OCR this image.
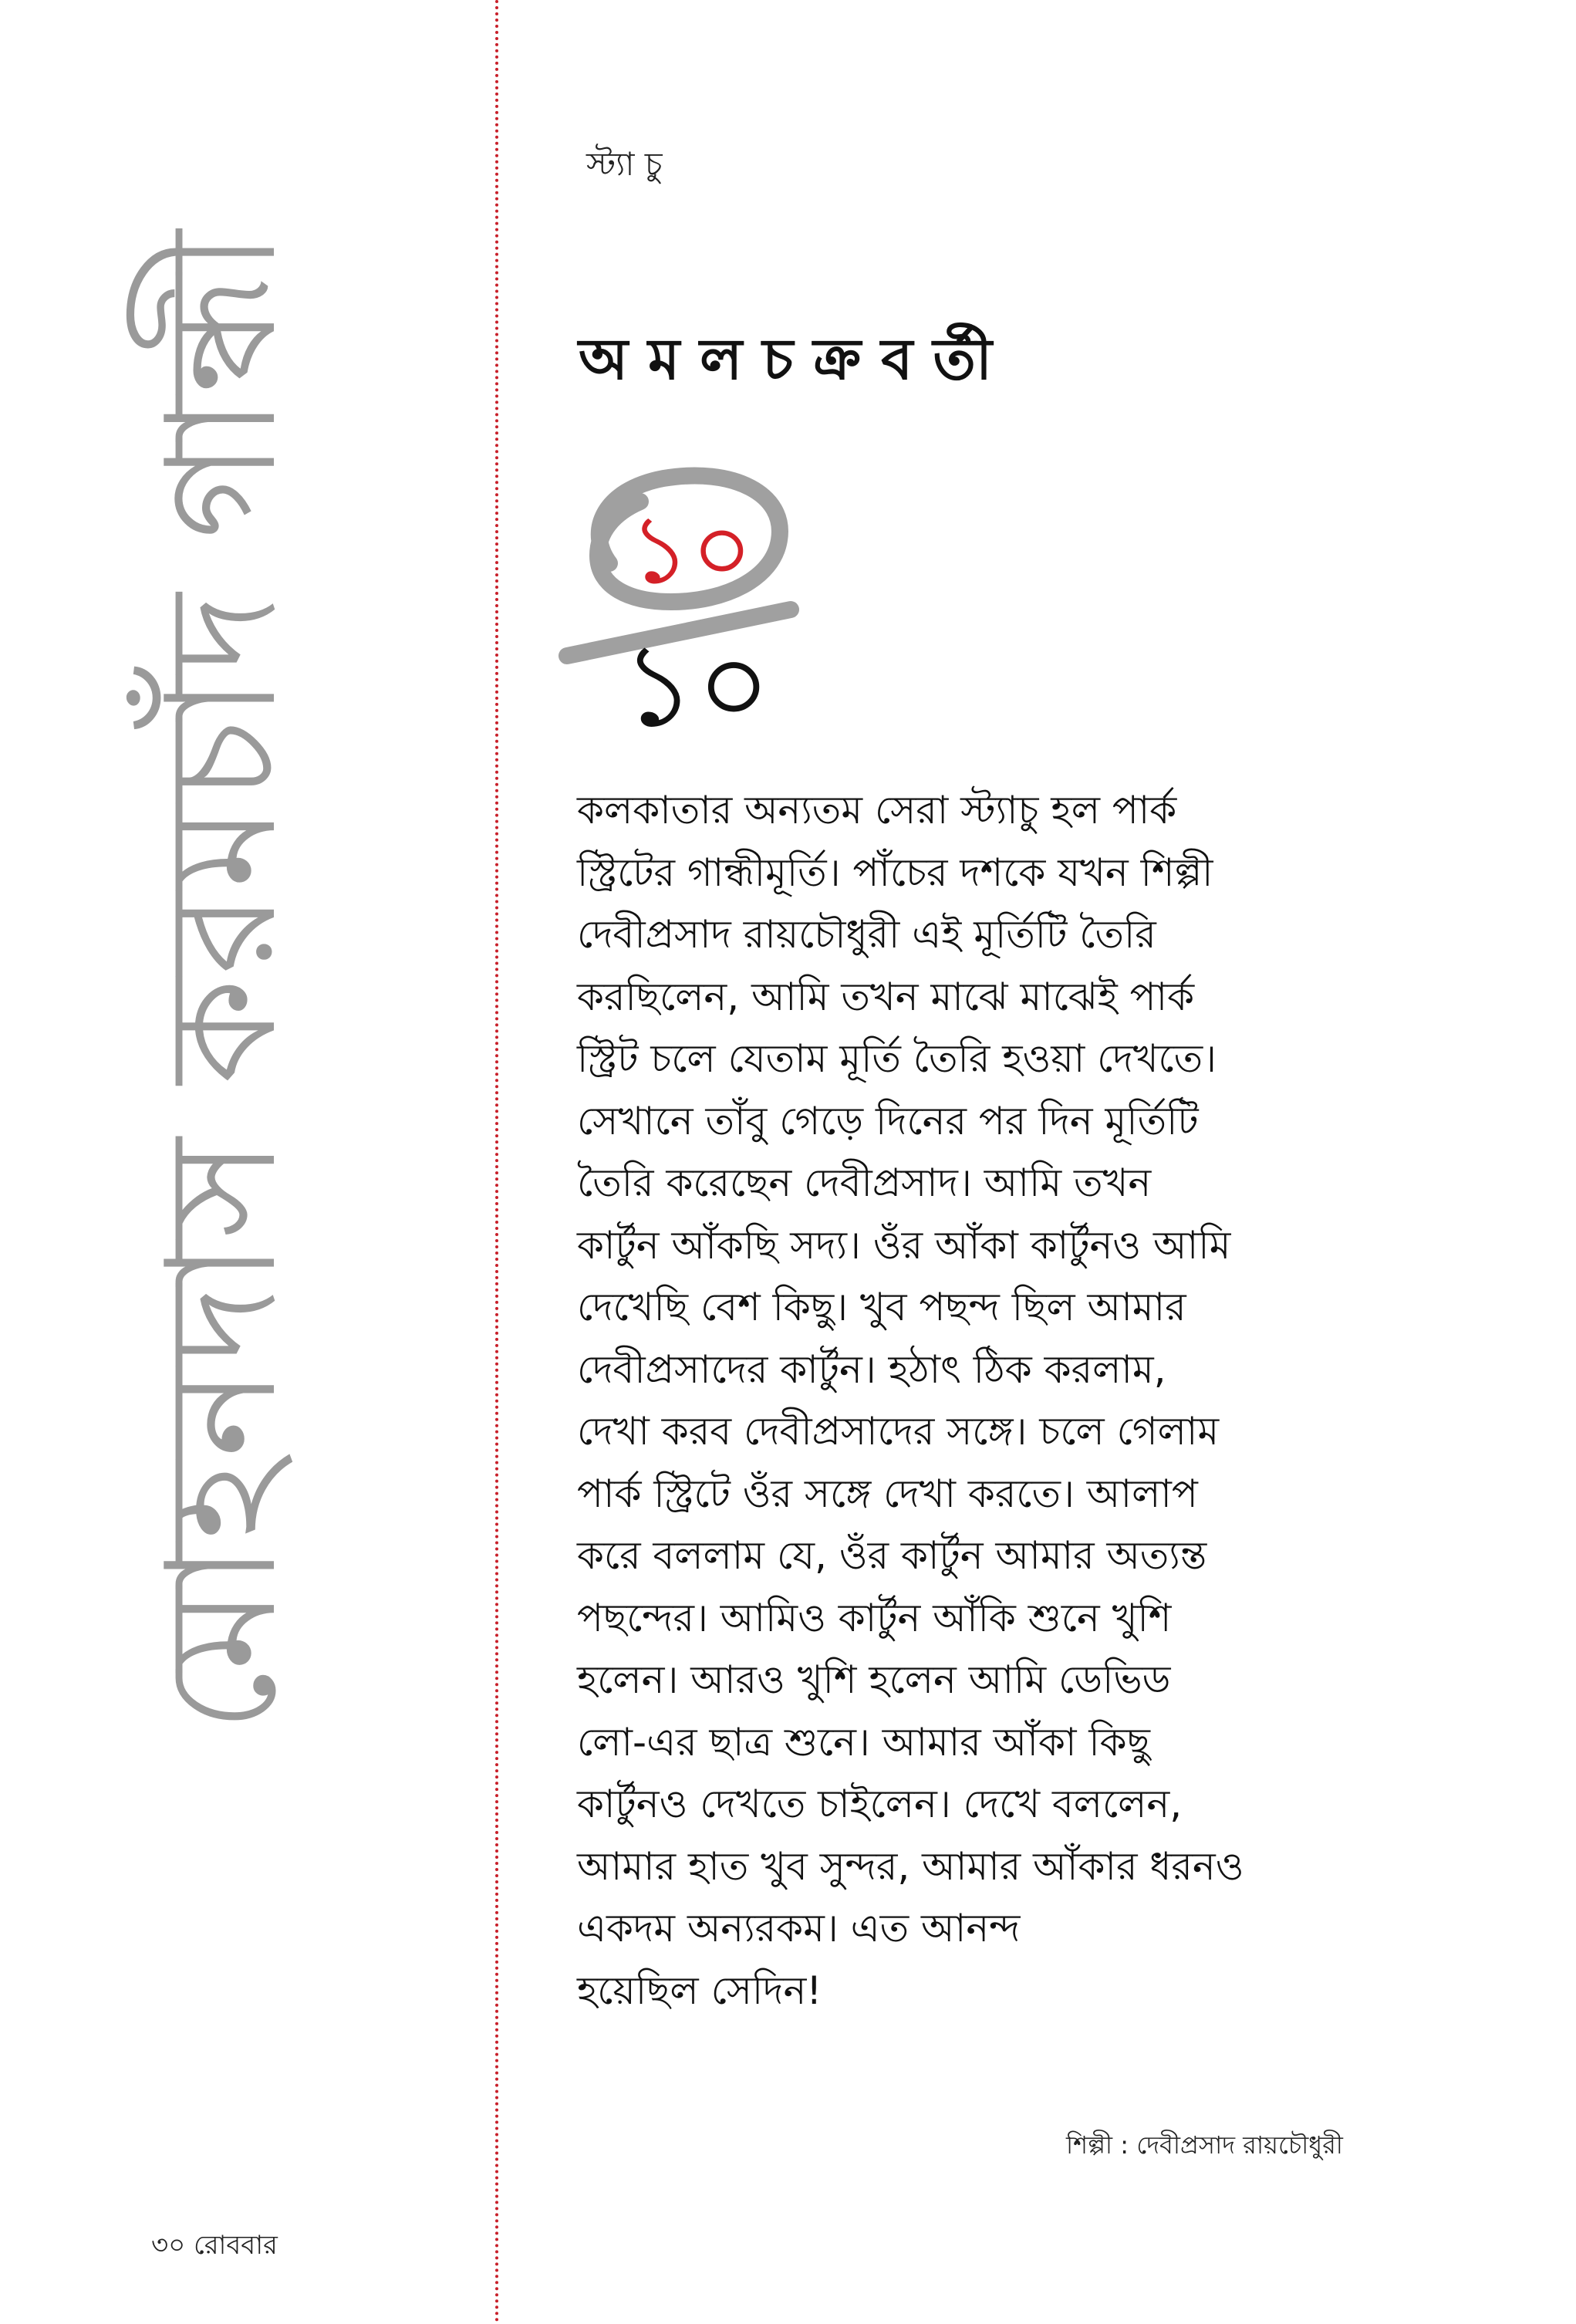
মোহনদাস করমচাঁদ গান্ধী
স্ট্যা চু
অমলচক্রবর্তী
১০
১০
কলকাতার অন্যতম সেরা স্ট্যাচু হল পার্ক
স্ট্রিটের গান্ধীমূর্তি। পাঁচের দশকে যখন শিল্পী
দেবীপ্রসাদ রায়চৌধুরী এই মূর্তিটি তৈরি
করছিলেন, আমি তখন মাঝে মাঝেই পার্ক
স্ট্রিট চলে যেতাম মূর্তি তৈরি হওয়া দেখতে।
সেখানে তাঁবু গেড়ে দিনের পর দিন মূর্তিটি
তৈরি করেছেন দেবীপ্রসাদ। আমি তখন
কার্টুন আঁকছি সদ্য। ওঁর আঁকা কার্টুনও আমি
দেখেছি বেশ কিছু। খুব পছন্দ ছিল আমার
দেবীপ্রসাদের কার্টুন। হঠাৎ ঠিক করলাম,
দেখা করব দেবীপ্রসাদের সঙ্গে। চলে গেলাম
পার্ক স্ট্রিটে ওঁর সঙ্গে দেখা করতে। আলাপ
করে বললাম যে, ওঁর কার্টুন আমার অত্যন্ত
পছন্দের। আমিও কার্টুন আঁকি শুনে খুশি
হলেন। আরও খুশি হলেন আমি ডেভিড
লো-এর ছাত্র শুনে। আমার আঁকা কিছু
কার্টুনও দেখতে চাইলেন। দেখে বললেন,
আমার হাত খুব সুন্দর, আমার আঁকার ধরনও
একদম অন্যরকম। এত আনন্দ
হয়েছিল সেদিন!
শিল্পী : দেবীপ্রসাদ রায়চৌধুরী
৩০ রোববার
